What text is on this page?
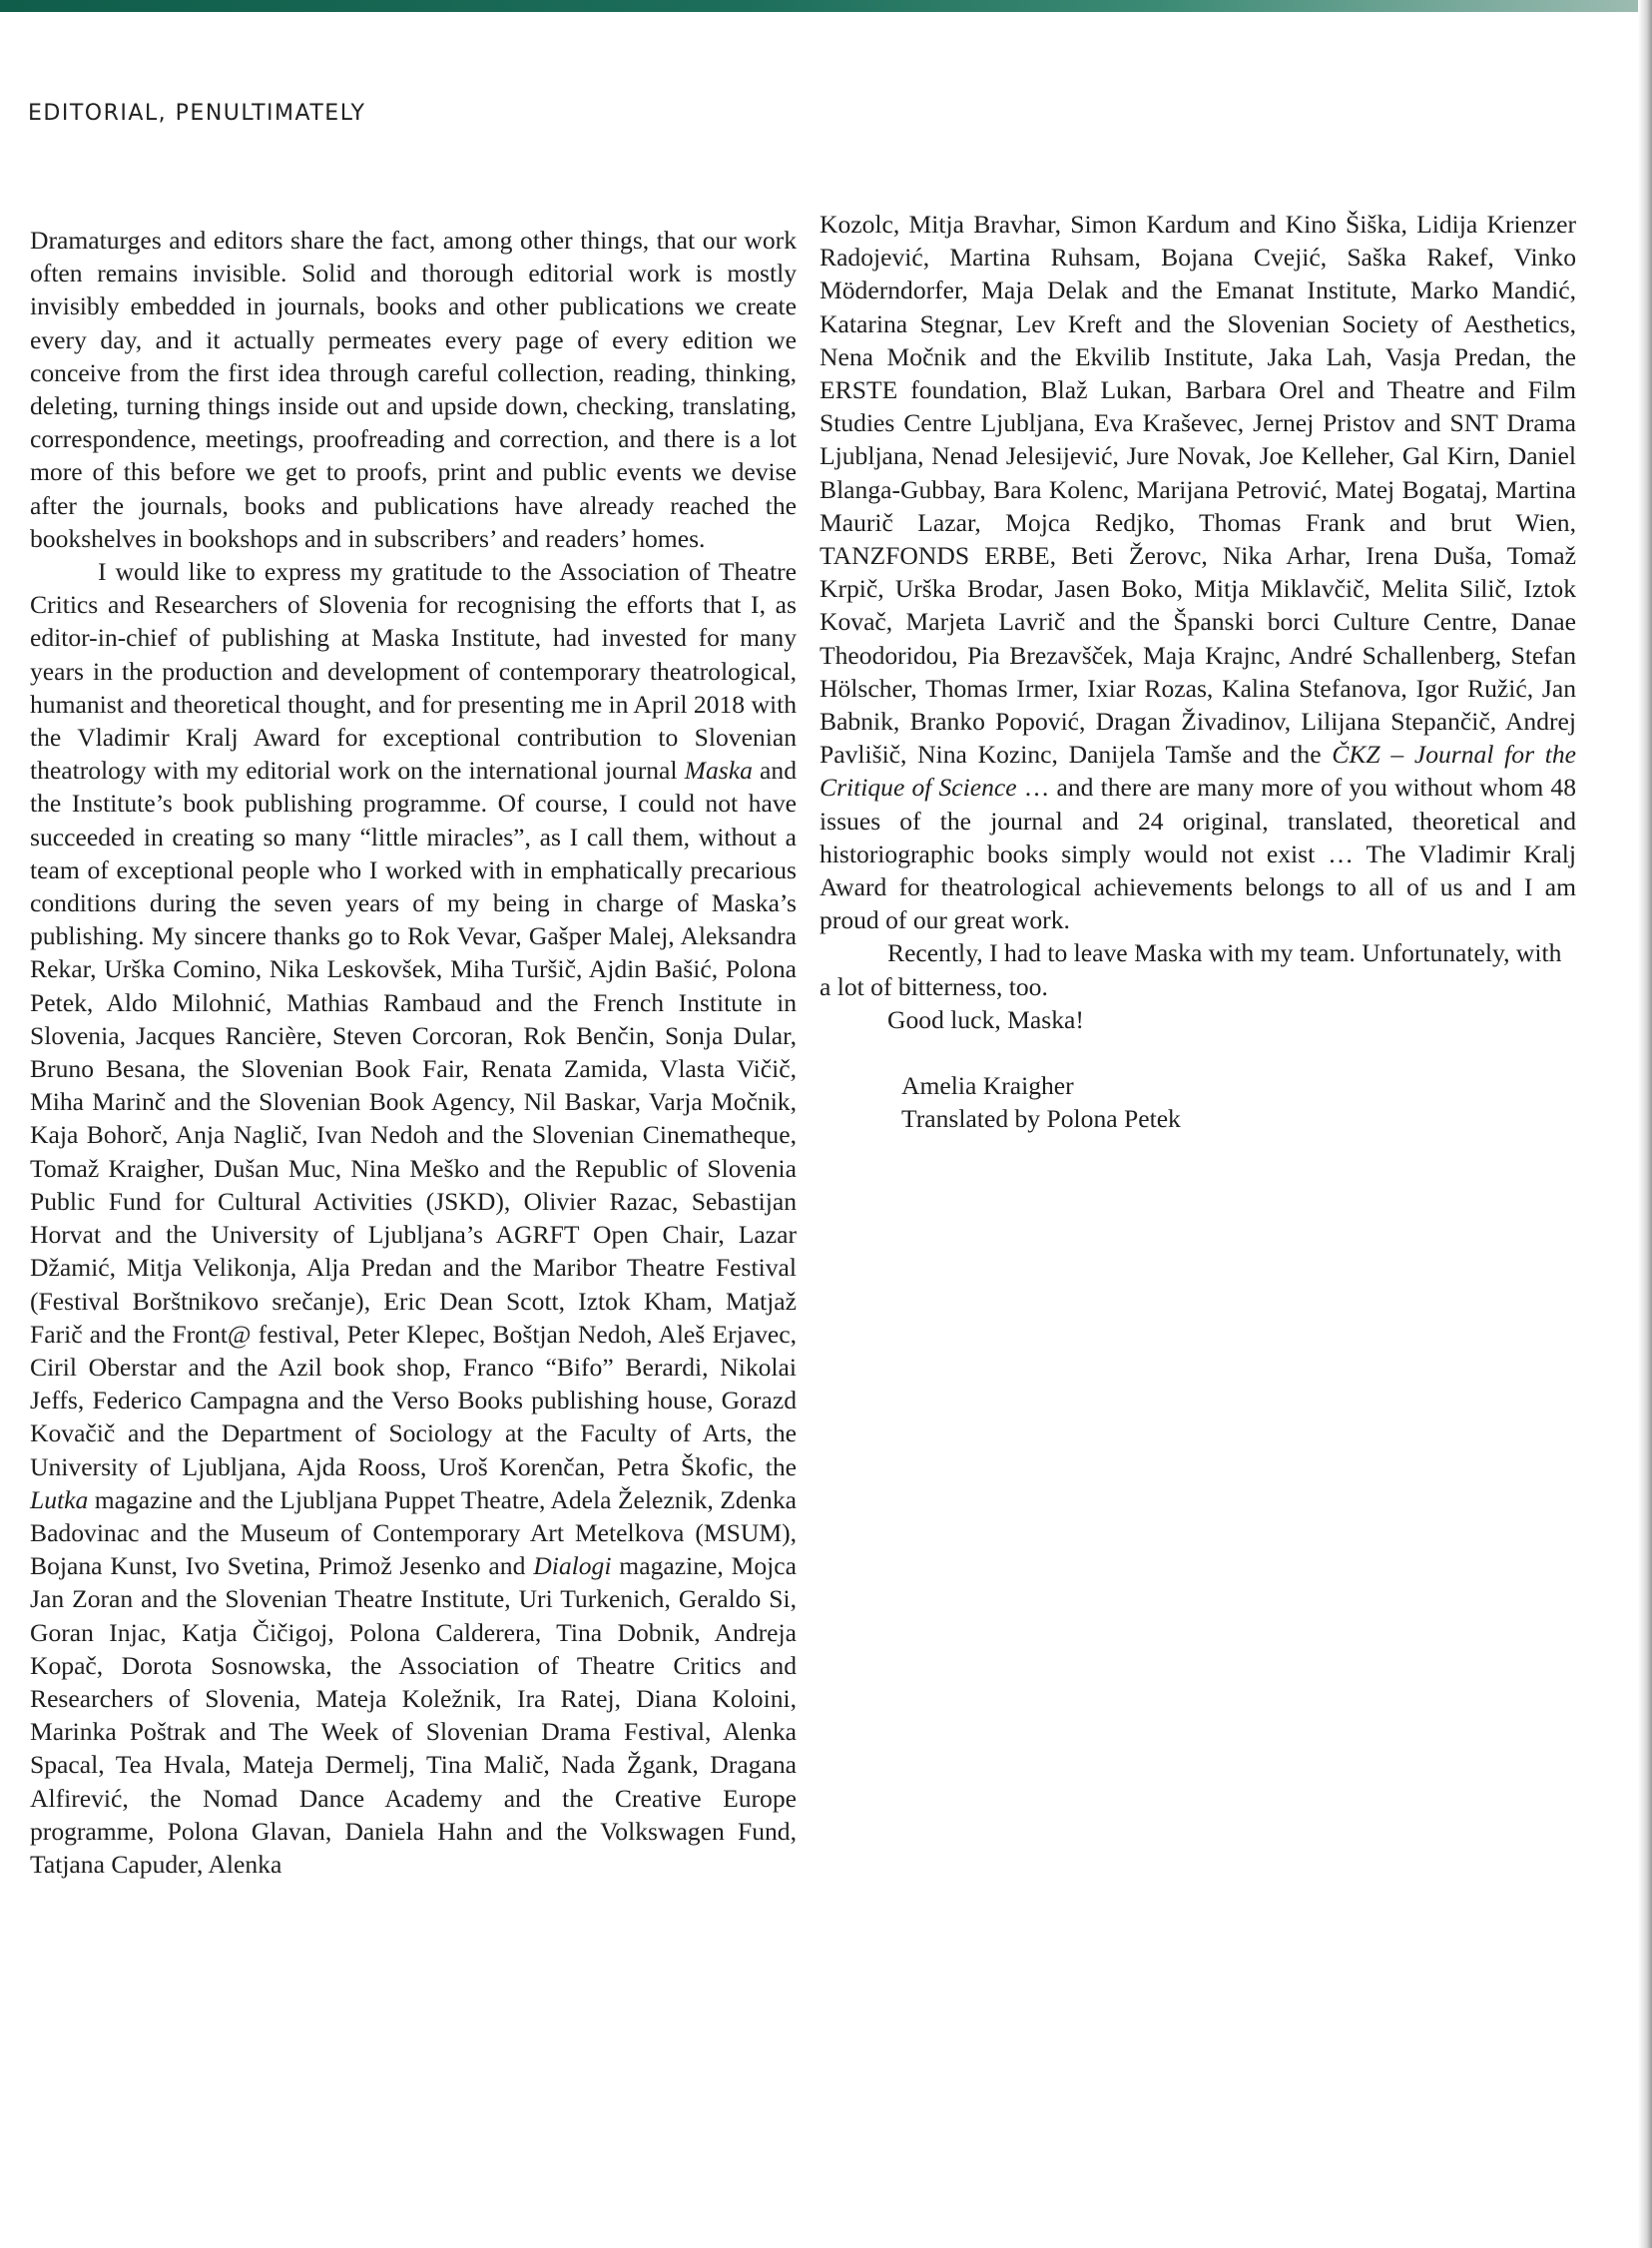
EDITORIAL, PENULTIMATELY

Dramaturges and editors share the fact, among other things, that our work often remains invisible. Solid and thorough editorial work is mostly invisibly embedded in journals, books and other publications we create every day, and it actually permeates every page of every edition we conceive from the first idea through careful collection, reading, thinking, deleting, turning things inside out and upside down, checking, translating, correspondence, meetings, proofreading and correction, and there is a lot more of this before we get to proofs, print and public events we devise after the journals, books and publications have already reached the bookshelves in bookshops and in subscribers’ and readers’ homes.

I would like to express my gratitude to the Association of Theatre Critics and Researchers of Slovenia for recognising the efforts that I, as editor-in-chief of publishing at Maska Institute, had invested for many years in the production and development of contemporary theatrological, humanist and theoretical thought, and for presenting me in April 2018 with the Vladimir Kralj Award for exceptional contribution to Slovenian theatrology with my editorial work on the international journal Maska and the Institute’s book publishing programme. Of course, I could not have succeeded in creating so many “little miracles”, as I call them, without a team of exceptional people who I worked with in emphatically precarious conditions during the seven years of my being in charge of Maska’s publishing. My sincere thanks go to Rok Vevar, Gašper Malej, Aleksandra Rekar, Urška Comino, Nika Leskovšek, Miha Turšič, Ajdin Bašić, Polona Petek, Aldo Milohnić, Mathias Rambaud and the French Institute in Slovenia, Jacques Rancière, Steven Corcoran, Rok Benčin, Sonja Dular, Bruno Besana, the Slovenian Book Fair, Renata Zamida, Vlasta Vičič, Miha Marinč and the Slovenian Book Agency, Nil Baskar, Varja Močnik, Kaja Bohorč, Anja Naglič, Ivan Nedoh and the Slovenian Cinematheque, Tomaž Kraigher, Dušan Muc, Nina Meško and the Republic of Slovenia Public Fund for Cultural Activities (JSKD), Olivier Razac, Sebastijan Horvat and the University of Ljubljana’s AGRFT Open Chair, Lazar Džamić, Mitja Velikonja, Alja Predan and the Maribor Theatre Festival (Festival Borštnikovo srečanje), Eric Dean Scott, Iztok Kham, Matjaž Farič and the Front@ festival, Peter Klepec, Boštjan Nedoh, Aleš Erjavec, Ciril Oberstar and the Azil book shop, Franco “Bifo” Berardi, Nikolai Jeffs, Federico Campagna and the Verso Books publishing house, Gorazd Kovačič and the Department of Sociology at the Faculty of Arts, the University of Ljubljana, Ajda Rooss, Uroš Korenčan, Petra Škofic, the Lutka magazine and the Ljubljana Puppet Theatre, Adela Železnik, Zdenka Badovinac and the Museum of Contemporary Art Metelkova (MSUM), Bojana Kunst, Ivo Svetina, Primož Jesenko and Dialogi magazine, Mojca Jan Zoran and the Slovenian Theatre Institute, Uri Turkenich, Geraldo Si, Goran Injac, Katja Čičigoj, Polona Calderera, Tina Dobnik, Andreja Kopač, Dorota Sosnowska, the Association of Theatre Critics and Researchers of Slovenia, Mateja Koležnik, Ira Ratej, Diana Koloini, Marinka Poštrak and The Week of Slovenian Drama Festival, Alenka Spacal, Tea Hvala, Mateja Dermelj, Tina Malič, Nada Žgank, Dragana Alfirević, the Nomad Dance Academy and the Creative Europe programme, Polona Glavan, Daniela Hahn and the Volkswagen Fund, Tatjana Capuder, Alenka

Kozolc, Mitja Bravhar, Simon Kardum and Kino Šiška, Lidija Krienzer Radojević, Martina Ruhsam, Bojana Cvejić, Saška Rakef, Vinko Möderndorfer, Maja Delak and the Emanat Institute, Marko Mandić, Katarina Stegnar, Lev Kreft and the Slovenian Society of Aesthetics, Nena Močnik and the Ekvilib Institute, Jaka Lah, Vasja Predan, the ERSTE foundation, Blaž Lukan, Barbara Orel and Theatre and Film Studies Centre Ljubljana, Eva Kraševec, Jernej Pristov and SNT Drama Ljubljana, Nenad Jelesijević, Jure Novak, Joe Kelleher, Gal Kirn, Daniel Blanga-Gubbay, Bara Kolenc, Marijana Petrović, Matej Bogataj, Martina Maurič Lazar, Mojca Redjko, Thomas Frank and brut Wien, TANZFONDS ERBE, Beti Žerovc, Nika Arhar, Irena Duša, Tomaž Krpič, Urška Brodar, Jasen Boko, Mitja Miklavčič, Melita Silič, Iztok Kovač, Marjeta Lavrič and the Španski borci Culture Centre, Danae Theodoridou, Pia Brezavšček, Maja Krajnc, André Schallenberg, Stefan Hölscher, Thomas Irmer, Ixiar Rozas, Kalina Stefanova, Igor Ružić, Jan Babnik, Branko Popović, Dragan Živadinov, Lilijana Stepančič, Andrej Pavlišič, Nina Kozinc, Danijela Tamše and the ČKZ – Journal for the Critique of Science … and there are many more of you without whom 48 issues of the journal and 24 original, translated, theoretical and historiographic books simply would not exist … The Vladimir Kralj Award for theatrological achievements belongs to all of us and I am proud of our great work.

Recently, I had to leave Maska with my team. Unfortunately, with a lot of bitterness, too.

Good luck, Maska!

Amelia Kraigher
Translated by Polona Petek
